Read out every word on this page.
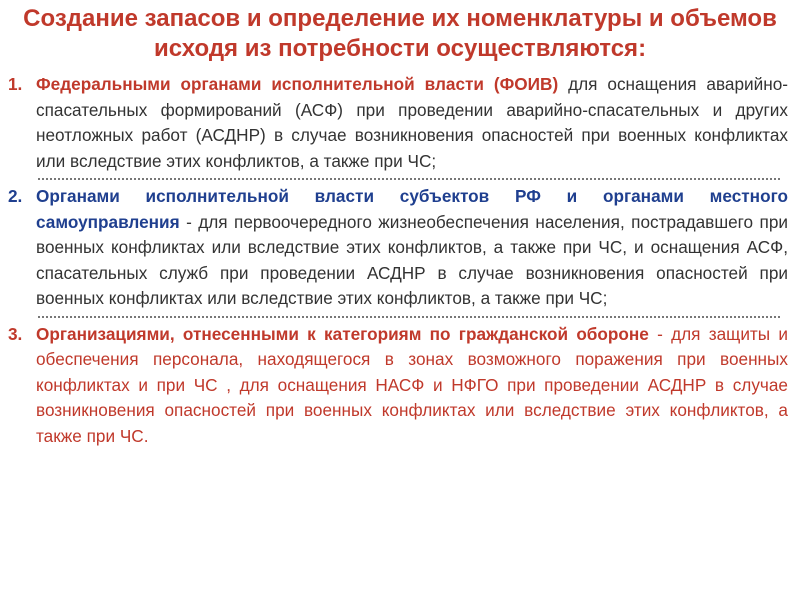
Создание запасов и определение их номенклатуры и объемов исходя из потребности осуществляются:
1. Федеральными органами исполнительной власти (ФОИВ) для оснащения аварийно-спасательных формирований (АСФ) при проведении аварийно-спасательных и других неотложных работ (АСДНР) в случае возникновения опасностей при военных конфликтах или вследствие этих конфликтов, а также при ЧС;
2. Органами исполнительной власти субъектов РФ и органами местного самоуправления - для первоочередного жизнеобеспечения населения, пострадавшего при военных конфликтах или вследствие этих конфликтов, а также при ЧС, и оснащения АСФ, спасательных служб при проведении АСДНР в случае возникновения опасностей при военных конфликтах или вследствие этих конфликтов, а также при ЧС;
3. Организациями, отнесенными к категориям по гражданской обороне - для защиты и обеспечения персонала, находящегося в зонах возможного поражения при военных конфликтах и при ЧС , для оснащения НАСФ и НФГО при проведении АСДНР в случае возникновения опасностей при военных конфликтах или вследствие этих конфликтов, а также при ЧС.
